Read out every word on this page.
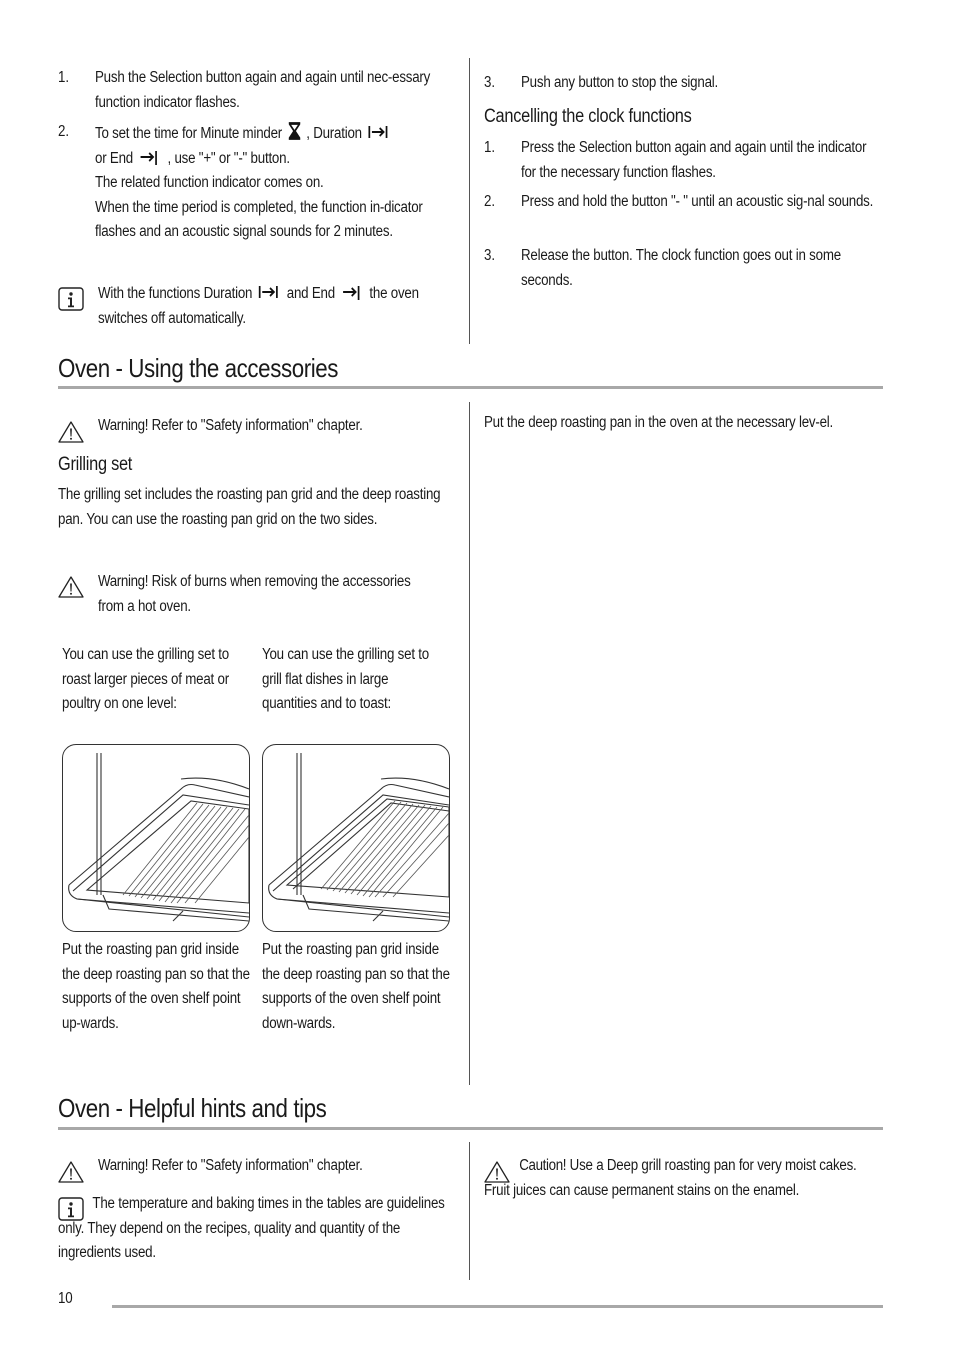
1. Push the Selection button again and again until nec-essary function indicator flashes.
2. To set the time for Minute minder , Duration
or End , use "+" or "-" button.
The related function indicator comes on.
When the time period is completed, the function in-dicator flashes and an acoustic signal sounds for 2 minutes.
With the functions Duration and End the oven switches off automatically.
3. Push any button to stop the signal.
Cancelling the clock functions
1. Press the Selection button again and again until the indicator for the necessary function flashes.
2. Press and hold the button "- " until an acoustic sig-nal sounds.
3. Release the button. The clock function goes out in some seconds.
Oven - Using the accessories
Warning! Refer to "Safety information" chapter.
Grilling set
The grilling set includes the roasting pan grid and the deep roasting pan. You can use the roasting pan grid on the two sides.
Warning! Risk of burns when removing the accessories from a hot oven.
You can use the grilling set to roast larger pieces of meat or poultry on one level:
You can use the grilling set to grill flat dishes in large quantities and to toast:
Put the roasting pan grid inside the deep roasting pan so that the supports of the oven shelf point up-wards.
Put the roasting pan grid inside the deep roasting pan so that the supports of the oven shelf point down-wards.
Put the deep roasting pan in the oven at the necessary lev-el.
Oven - Helpful hints and tips
Warning! Refer to "Safety information" chapter.
The temperature and baking times in the tables are guidelines only. They depend on the recipes, quality and quantity of the ingredients used.
Caution! Use a Deep grill roasting pan for very moist cakes. Fruit juices can cause permanent stains on the enamel.
10
